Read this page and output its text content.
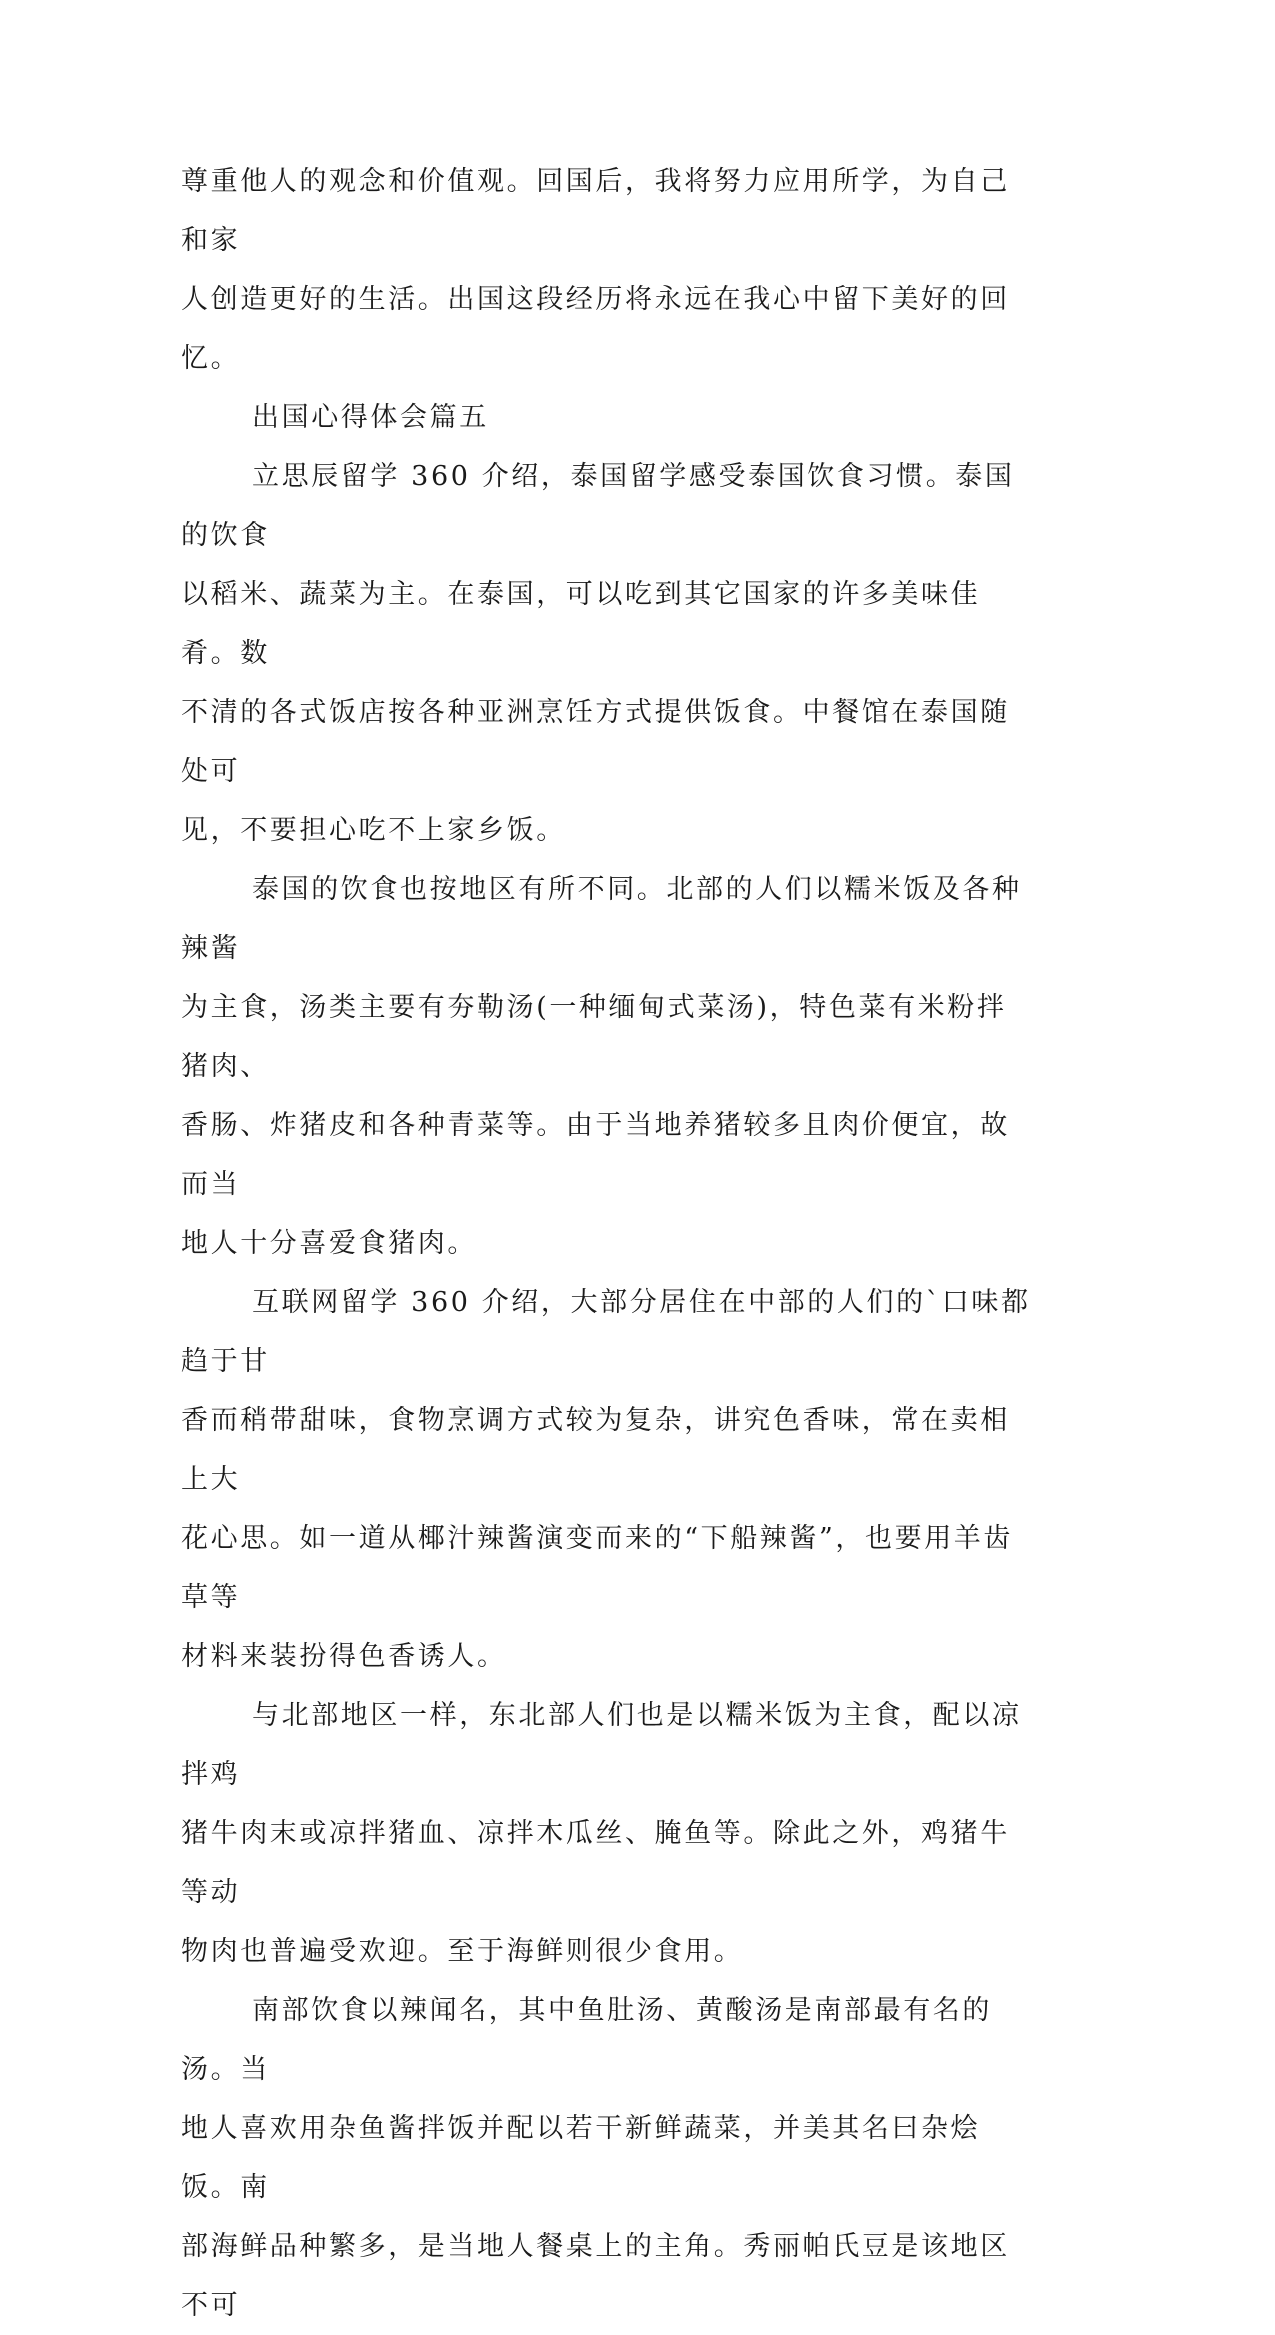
尊重他人的观念和价值观。回国后，我将努力应用所学，为自己和家
人创造更好的生活。出国这段经历将永远在我心中留下美好的回忆。

出国心得体会篇五

立思辰留学 360 介绍，泰国留学感受泰国饮食习惯。泰国的饮食
以稻米、蔬菜为主。在泰国，可以吃到其它国家的许多美味佳肴。数
不清的各式饭店按各种亚洲烹饪方式提供饭食。中餐馆在泰国随处可
见，不要担心吃不上家乡饭。

泰国的饮食也按地区有所不同。北部的人们以糯米饭及各种辣酱
为主食，汤类主要有夯勒汤(一种缅甸式菜汤)，特色菜有米粉拌猪肉、
香肠、炸猪皮和各种青菜等。由于当地养猪较多且肉价便宜，故而当
地人十分喜爱食猪肉。

互联网留学 360 介绍，大部分居住在中部的人们的`口味都趋于甘
香而稍带甜味，食物烹调方式较为复杂，讲究色香味，常在卖相上大
花心思。如一道从椰汁辣酱演变而来的“下船辣酱”，也要用羊齿草等
材料来装扮得色香诱人。

与北部地区一样，东北部人们也是以糯米饭为主食，配以凉拌鸡
猪牛肉末或凉拌猪血、凉拌木瓜丝、腌鱼等。除此之外，鸡猪牛等动
物肉也普遍受欢迎。至于海鲜则很少食用。

南部饮食以辣闻名，其中鱼肚汤、黄酸汤是南部最有名的汤。当
地人喜欢用杂鱼酱拌饭并配以若干新鲜蔬菜，并美其名曰杂烩饭。南
部海鲜品种繁多，是当地人餐桌上的主角。秀丽帕氏豆是该地区不可
